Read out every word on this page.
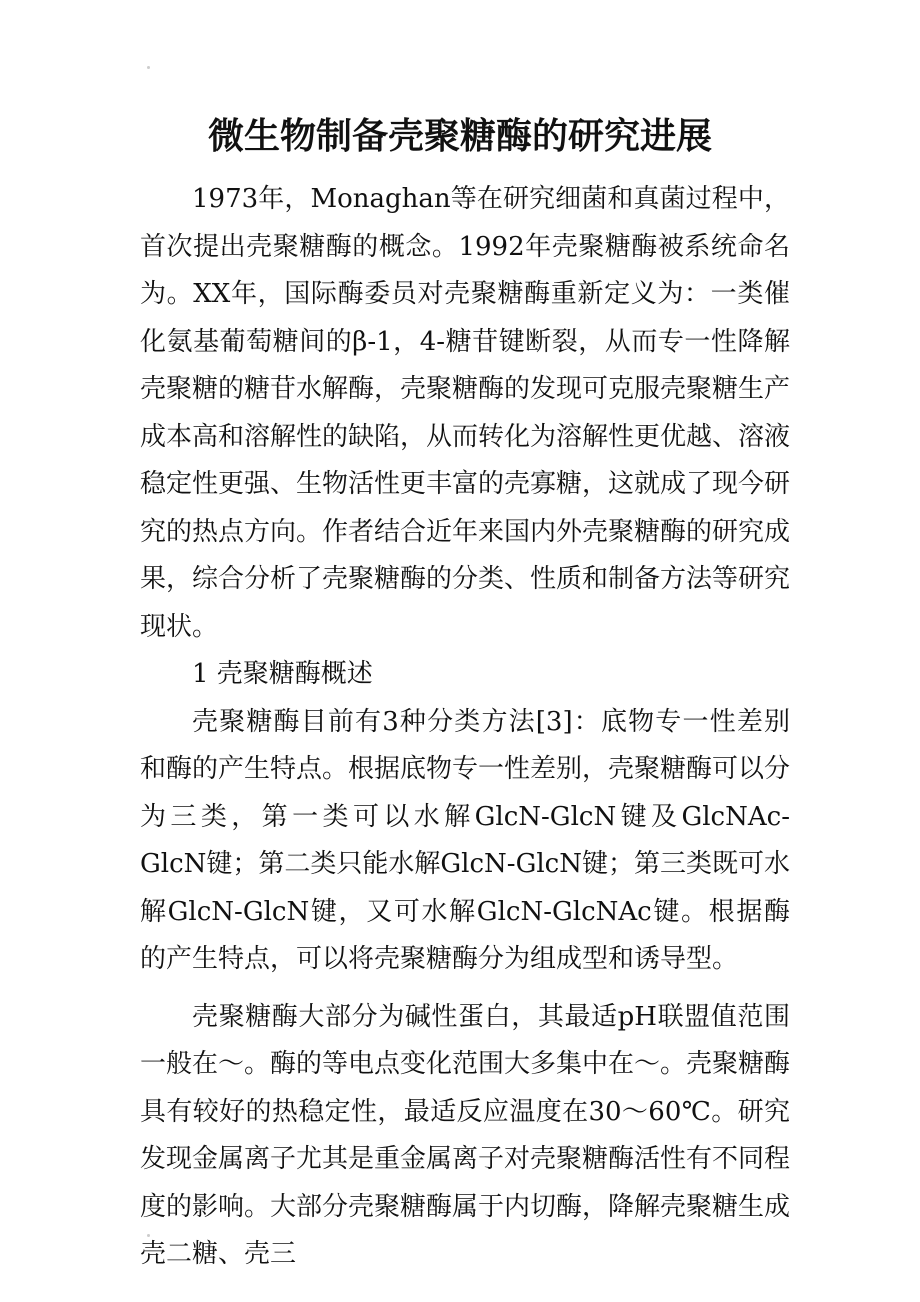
微生物制备壳聚糖酶的研究进展

1973年，Monaghan等在研究细菌和真菌过程中，首次提出壳聚糖酶的概念。1992年壳聚糖酶被系统命名为。XX年，国际酶委员对壳聚糖酶重新定义为：一类催化氨基葡萄糖间的β-1，4-糖苷键断裂，从而专一性降解壳聚糖的糖苷水解酶，壳聚糖酶的发现可克服壳聚糖生产成本高和溶解性的缺陷，从而转化为溶解性更优越、溶液稳定性更强、生物活性更丰富的壳寡糖，这就成了现今研究的热点方向。作者结合近年来国内外壳聚糖酶的研究成果，综合分析了壳聚糖酶的分类、性质和制备方法等研究现状。

1 壳聚糖酶概述

壳聚糖酶目前有3种分类方法[3]：底物专一性差别和酶的产生特点。根据底物专一性差别，壳聚糖酶可以分为三类，第一类可以水解GlcN-GlcN键及GlcNAc-GlcN键；第二类只能水解GlcN-GlcN键；第三类既可水解GlcN-GlcN键，又可水解GlcN-GlcNAc键。根据酶的产生特点，可以将壳聚糖酶分为组成型和诱导型。

壳聚糖酶大部分为碱性蛋白，其最适pH联盟值范围一般在～。酶的等电点变化范围大多集中在～。壳聚糖酶具有较好的热稳定性，最适反应温度在30～60℃。研究发现金属离子尤其是重金属离子对壳聚糖酶活性有不同程度的影响。大部分壳聚糖酶属于内切酶，降解壳聚糖生成壳二糖、壳三
